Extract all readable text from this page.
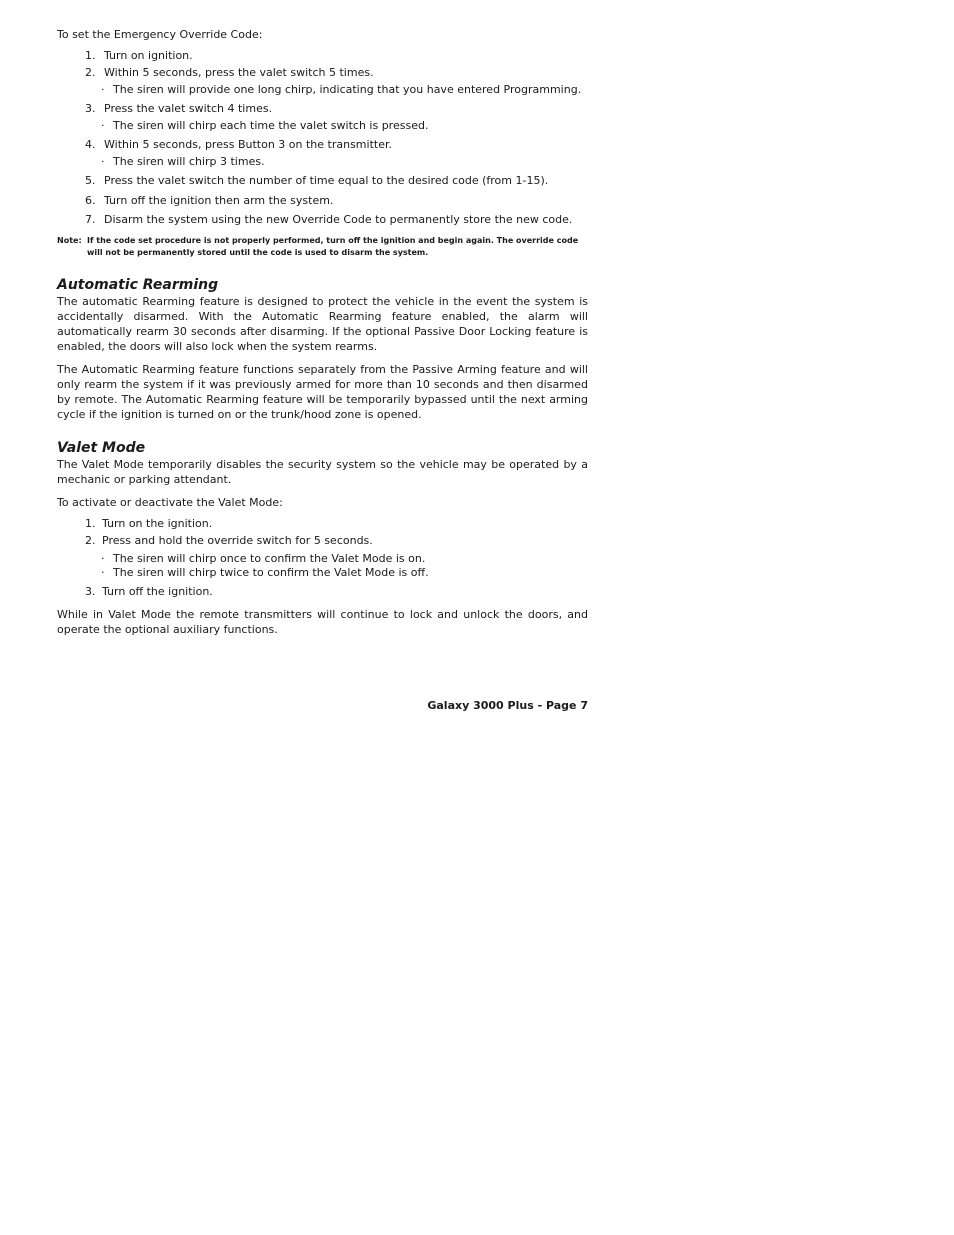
To set the Emergency Override Code:

1. Turn on ignition.
2. Within 5 seconds, press the valet switch 5 times.
· The siren will provide one long chirp, indicating that you have entered Programming.
3. Press the valet switch 4 times.
· The siren will chirp each time the valet switch is pressed.
4. Within 5 seconds, press Button 3 on the transmitter.
· The siren will chirp 3 times.
5. Press the valet switch the number of time equal to the desired code (from 1-15).
6. Turn off the ignition then arm the system.
7. Disarm the system using the new Override Code to permanently store the new code.
Note: If the code set procedure is not properly performed, turn off the ignition and begin again. The override code will not be permanently stored until the code is used to disarm the system.
Automatic Rearming

The automatic Rearming feature is designed to protect the vehicle in the event the system is accidentally disarmed. With the Automatic Rearming feature enabled, the alarm will automatically rearm 30 seconds after disarming. If the optional Passive Door Locking feature is enabled, the doors will also lock when the system rearms.

The Automatic Rearming feature functions separately from the Passive Arming feature and will only rearm the system if it was previously armed for more than 10 seconds and then disarmed by remote. The Automatic Rearming feature will be temporarily bypassed until the next arming cycle if the ignition is turned on or the trunk/hood zone is opened.

Valet Mode

The Valet Mode temporarily disables the security system so the vehicle may be operated by a mechanic or parking attendant.

To activate or deactivate the Valet Mode:

1. Turn on the ignition.
2. Press and hold the override switch for 5 seconds.
· The siren will chirp once to confirm the Valet Mode is on.
· The siren will chirp twice to confirm the Valet Mode is off.
3. Turn off the ignition.

While in Valet Mode the remote transmitters will continue to lock and unlock the doors, and operate the optional auxiliary functions.

Galaxy 3000 Plus - Page 7
